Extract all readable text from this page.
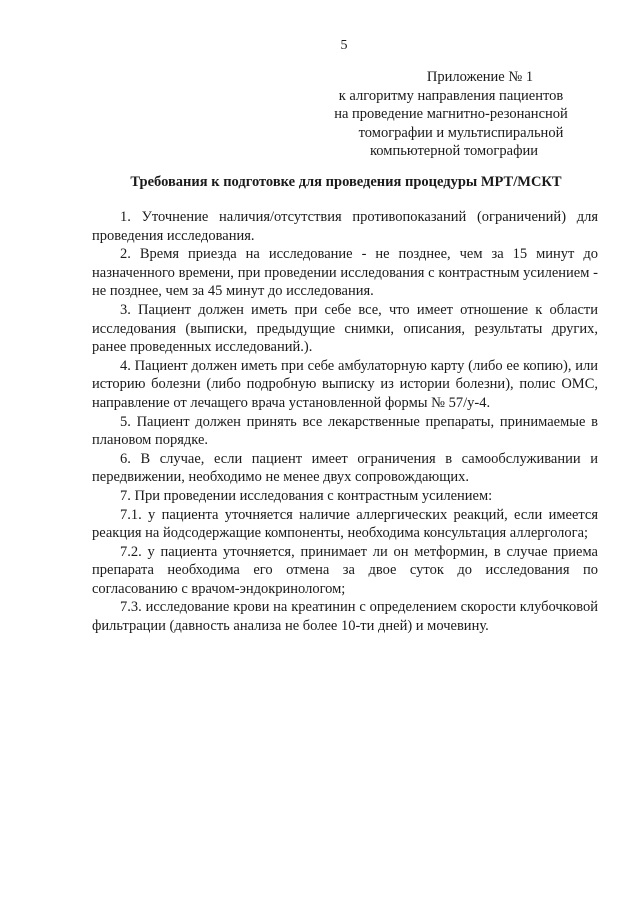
5
Приложение № 1
к алгоритму направления пациентов
на проведение магнитно-резонансной
томографии и мультиспиральной
компьютерной томографии
Требования к подготовке для проведения процедуры МРТ/МСКТ

1. Уточнение наличия/отсутствия противопоказаний (ограничений) для проведения исследования.

2. Время приезда на исследование - не позднее, чем за 15 минут до назначенного времени, при проведении исследования с контрастным усилением - не позднее, чем за 45 минут до исследования.

3. Пациент должен иметь при себе все, что имеет отношение к области исследования (выписки, предыдущие снимки, описания, результаты других, ранее проведенных исследований.).

4. Пациент должен иметь при себе амбулаторную карту (либо ее копию), или историю болезни (либо подробную выписку из истории болезни), полис ОМС, направление от лечащего врача установленной формы № 57/у-4.

5. Пациент должен принять все лекарственные препараты, принимаемые в плановом порядке.

6. В случае, если пациент имеет ограничения в самообслуживании и передвижении, необходимо не менее двух сопровождающих.

7. При проведении исследования с контрастным усилением:

7.1. у пациента уточняется наличие аллергических реакций, если имеется реакция на йодсодержащие компоненты, необходима консультация аллерголога;

7.2. у пациента уточняется, принимает ли он метформин, в случае приема препарата необходима его отмена за двое суток до исследования по согласованию с врачом-эндокринологом;

7.3. исследование крови на креатинин с определением скорости клубочковой фильтрации (давность анализа не более 10-ти дней) и мочевину.
